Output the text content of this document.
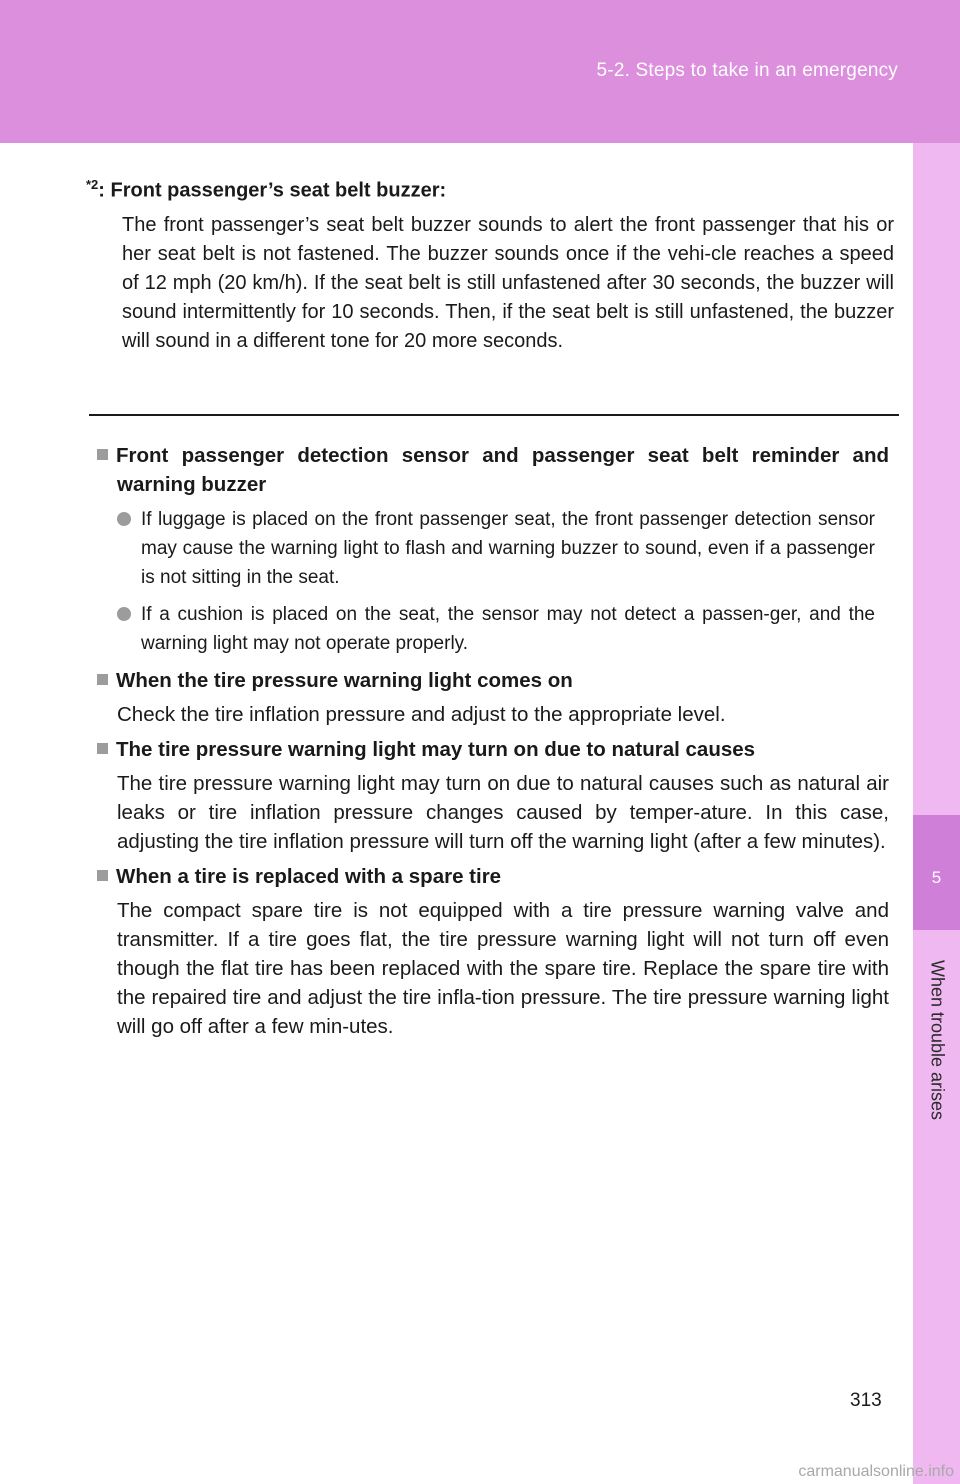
5-2. Steps to take in an emergency
5
When trouble arises
$^{*2}$: Front passenger’s seat belt buzzer:
The front passenger’s seat belt buzzer sounds to alert the front passenger that his or her seat belt is not fastened. The buzzer sounds once if the vehi-cle reaches a speed of 12 mph (20 km/h). If the seat belt is still unfastened after 30 seconds, the buzzer will sound intermittently for 10 seconds. Then, if the seat belt is still unfastened, the buzzer will sound in a different tone for 20 more seconds.
Front passenger detection sensor and passenger seat belt reminder and warning buzzer
If luggage is placed on the front passenger seat, the front passenger detection sensor may cause the warning light to flash and warning buzzer to sound, even if a passenger is not sitting in the seat.
If a cushion is placed on the seat, the sensor may not detect a passen-ger, and the warning light may not operate properly.
When the tire pressure warning light comes on
Check the tire inflation pressure and adjust to the appropriate level.
The tire pressure warning light may turn on due to natural causes
The tire pressure warning light may turn on due to natural causes such as natural air leaks or tire inflation pressure changes caused by temper-ature. In this case, adjusting the tire inflation pressure will turn off the warning light (after a few minutes).
When a tire is replaced with a spare tire
The compact spare tire is not equipped with a tire pressure warning valve and transmitter. If a tire goes flat, the tire pressure warning light will not turn off even though the flat tire has been replaced with the spare tire. Replace the spare tire with the repaired tire and adjust the tire infla-tion pressure. The tire pressure warning light will go off after a few min-utes.
313
carmanualsonline.info
